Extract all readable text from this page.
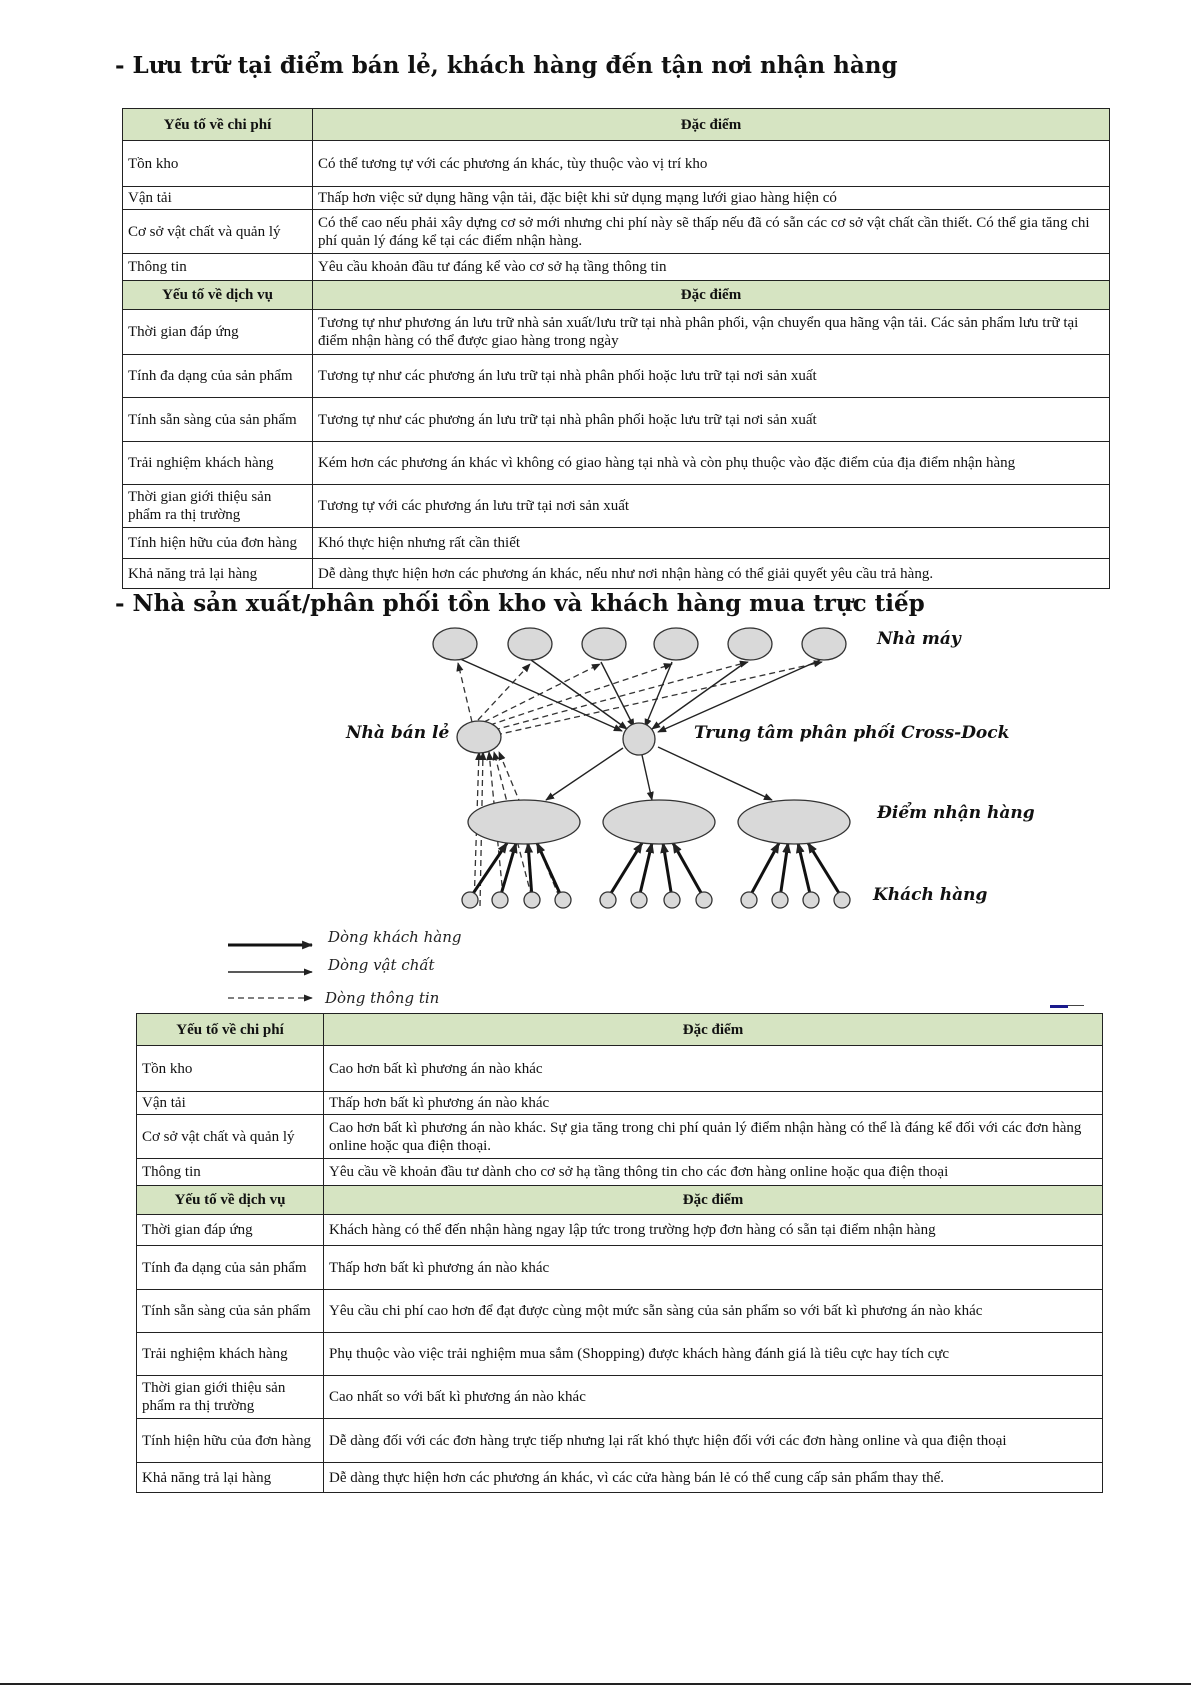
- Lưu trữ tại điểm bán lẻ, khách hàng đến tận nơi nhận hàng
Yếu tố về chi phí	Đặc điểm
Tồn kho	Có thể tương tự với các phương án khác, tùy thuộc vào vị trí kho
Vận tải	Thấp hơn việc sử dụng hãng vận tải, đặc biệt khi sử dụng mạng lưới giao hàng hiện có
Cơ sở vật chất và quản lý	Có thể cao nếu phải xây dựng cơ sở mới nhưng chi phí này sẽ thấp nếu đã có sẵn các cơ sở vật chất cần thiết. Có thể gia tăng chi phí quản lý đáng kể tại các điểm nhận hàng.
Thông tin	Yêu cầu khoản đầu tư đáng kể vào cơ sở hạ tầng thông tin
Yếu tố về dịch vụ	Đặc điểm
Thời gian đáp ứng	Tương tự như phương án lưu trữ nhà sản xuất/lưu trữ tại nhà phân phối, vận chuyển qua hãng vận tải. Các sản phẩm lưu trữ tại điểm nhận hàng có thể được giao hàng trong ngày
Tính đa dạng của sản phẩm	Tương tự như các phương án lưu trữ tại nhà phân phối hoặc lưu trữ tại nơi sản xuất
Tính sẵn sàng của sản phẩm	Tương tự như các phương án lưu trữ tại nhà phân phối hoặc lưu trữ tại nơi sản xuất
Trải nghiệm khách hàng	Kém hơn các phương án khác vì không có giao hàng tại nhà và còn phụ thuộc vào đặc điểm của địa điểm nhận hàng
Thời gian giới thiệu sản phẩm ra thị trường	Tương tự với các phương án lưu trữ tại nơi sản xuất
Tính hiện hữu của đơn hàng	Khó thực hiện nhưng rất cần thiết
Khả năng trả lại hàng	Dễ dàng thực hiện hơn các phương án khác, nếu như nơi nhận hàng có thể giải quyết yêu cầu trả hàng.
- Nhà sản xuất/phân phối tồn kho và khách hàng mua trực tiếp
Nhà máy
Nhà bán lẻ	Trung tâm phân phối Cross-Dock
Điểm nhận hàng
Khách hàng
Dòng khách hàng
Dòng vật chất
Dòng thông tin
Yếu tố về chi phí	Đặc điểm
Tồn kho	Cao hơn bất kì phương án nào khác
Vận tải	Thấp hơn bất kì phương án nào khác
Cơ sở vật chất và quản lý	Cao hơn bất kì phương án nào khác. Sự gia tăng trong chi phí quản lý điểm nhận hàng có thể là đáng kể đối với các đơn hàng online hoặc qua điện thoại.
Thông tin	Yêu cầu về khoản đầu tư dành cho cơ sở hạ tầng thông tin cho các đơn hàng online hoặc qua điện thoại
Yếu tố về dịch vụ	Đặc điểm
Thời gian đáp ứng	Khách hàng có thể đến nhận hàng ngay lập tức trong trường hợp đơn hàng có sẵn tại điểm nhận hàng
Tính đa dạng của sản phẩm	Thấp hơn bất kì phương án nào khác
Tính sẵn sàng của sản phẩm	Yêu cầu chi phí cao hơn để đạt được cùng một mức sẵn sàng của sản phẩm so với bất kì phương án nào khác
Trải nghiệm khách hàng	Phụ thuộc vào việc trải nghiệm mua sắm (Shopping) được khách hàng đánh giá là tiêu cực hay tích cực
Thời gian giới thiệu sản phẩm ra thị trường	Cao nhất so với bất kì phương án nào khác
Tính hiện hữu của đơn hàng	Dễ dàng đối với các đơn hàng trực tiếp nhưng lại rất khó thực hiện đối với các đơn hàng online và qua điện thoại
Khả năng trả lại hàng	Dễ dàng thực hiện hơn các phương án khác, vì các cửa hàng bán lẻ có thể cung cấp sản phẩm thay thế.
